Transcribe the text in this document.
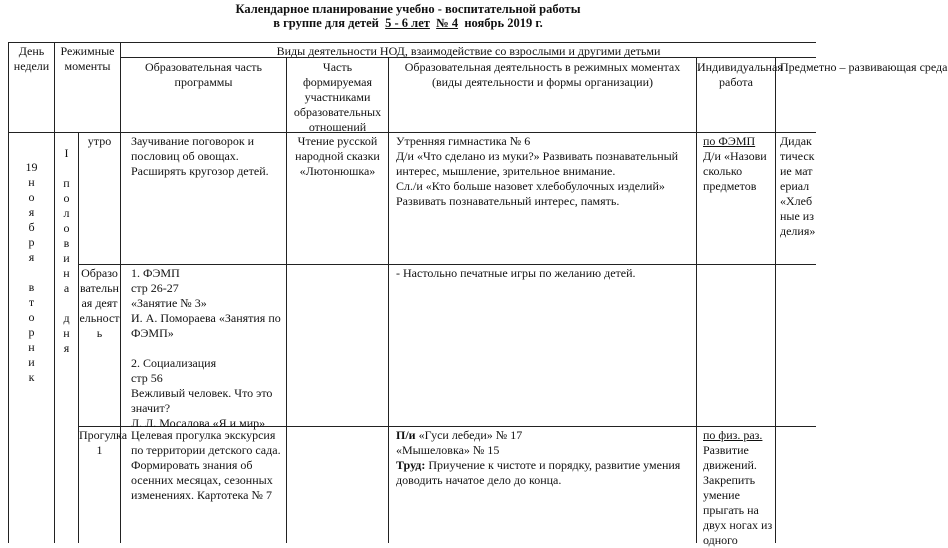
Календарное планирование учебно - воспитательной работы
в группе для детей 5 - 6 лет № 4 ноябрь 2019 г.
День недели
Режимные моменты
Виды деятельности НОД, взаимодействие со взрослыми и другими детьми
Образовательная часть программы
Часть формируемая участниками образовательных отношений
Образовательная деятельность в режимных моментах (виды деятельности и формы организации)
Индивидуальная работа
Предметно – развивающая среда
19
н
о
я
б
р
я
в
т
о
р
н
и
к
I
п
о
л
о
в
и
н
а
д
н
я
утро	Заучивание поговорок и пословиц об овощах. Расширять кругозор детей.
Чтение русской народной сказки «Лютонюшка»
Утренняя гимнастика № 6
Д/и «Что сделано из муки?» Развивать познавательный интерес, мышление, зрительное внимание.
Сл./и «Кто больше назовет хлебобулочных изделий»
Развивать познавательный интерес, память.
по ФЭМП
Д/и «Назови сколько предметов
Дидактические материал «Хлебные изделия»
Образовательная деятельность
1. ФЭМП
стр 26-27
«Занятие № 3»
И. А. Помораева «Занятия по ФЭМП»
2. Социализация
стр 56
Вежливый человек. Что это значит?
Л. Л. Мосалова «Я и мир»
- Настольно печатные игры по желанию детей.
Прогулка 1
Целевая прогулка экскурсия по территории детского сада. Формировать знания об осенних месяцах, сезонных изменениях. Картотека № 7
П/и «Гуси лебеди» № 17
«Мышеловка» № 15
Труд: Приучение к чистоте и порядку, развитие умения доводить начатое дело до конца.
по физ. раз.
Развитие движений. Закрепить умение прыгать на двух ногах из одного
